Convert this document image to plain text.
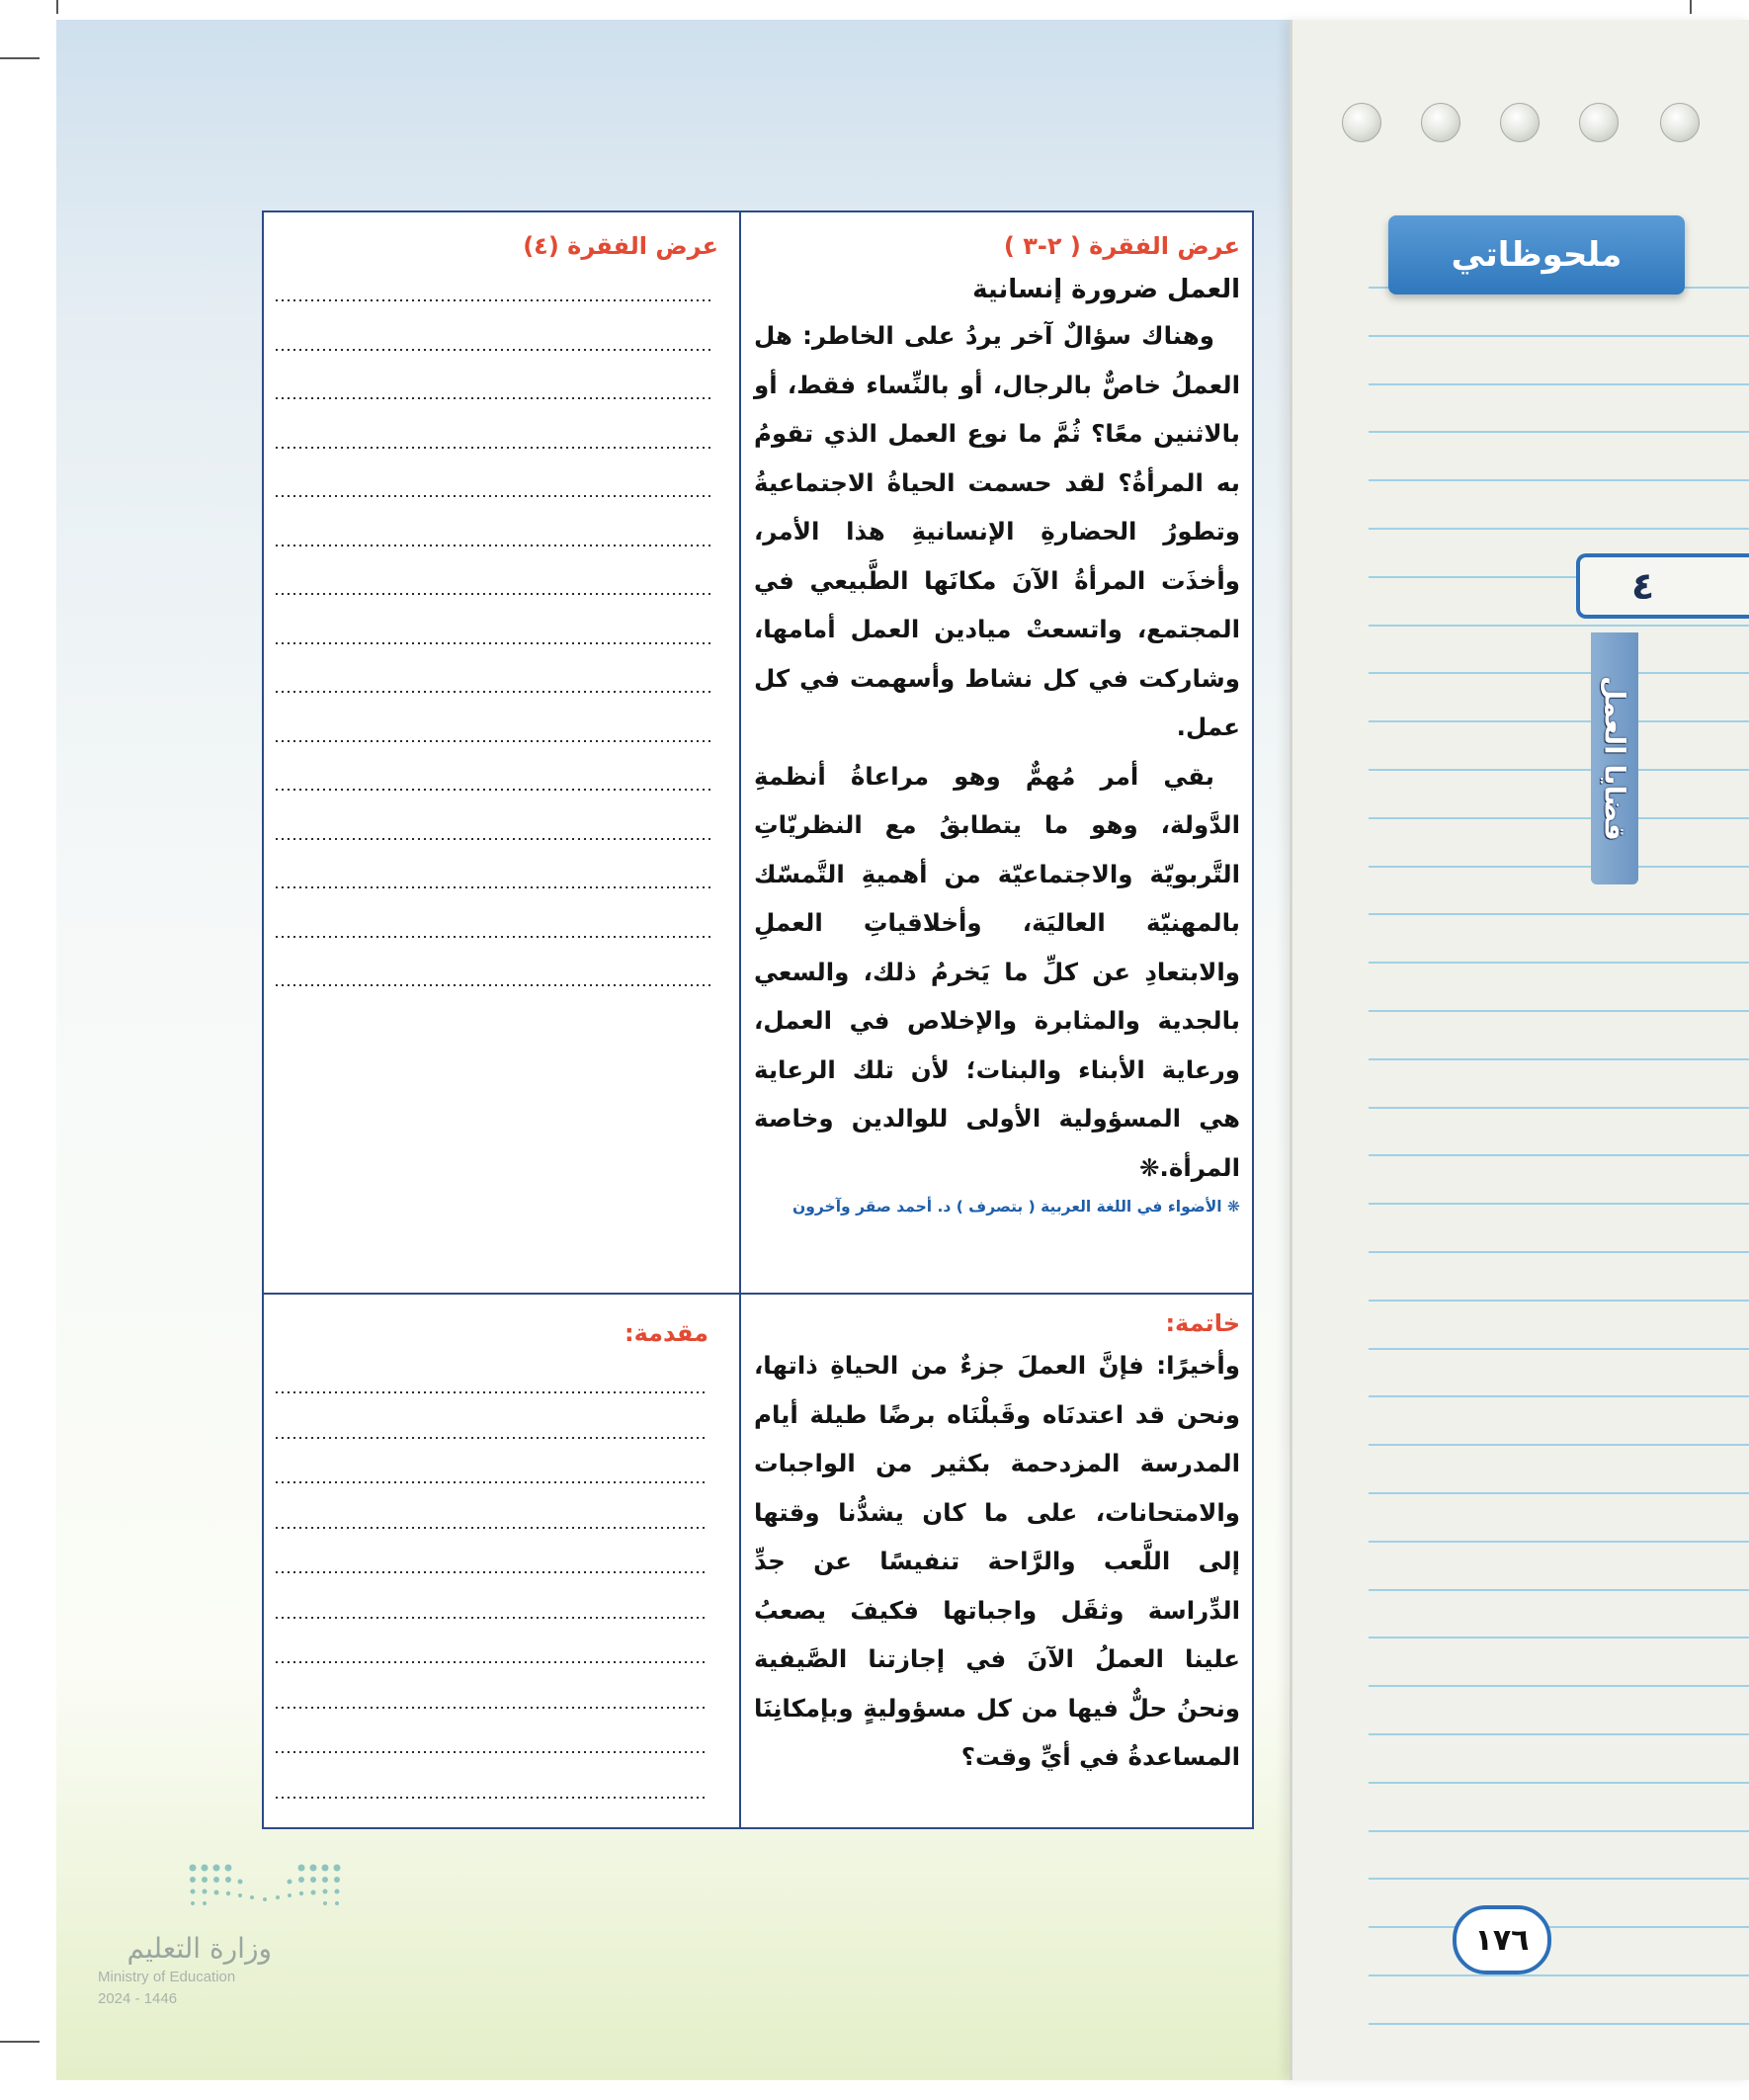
ملحوظاتي
٤
قضايا العمل
١٧٦
عرض الفقرة ( ٢-٣ )
العمل ضرورة إنسانية

وهناك سؤالٌ آخر يردُ على الخاطر: هل العملُ خاصٌّ بالرجال، أو بالنِّساء فقط، أو بالاثنين معًا؟ ثُمَّ ما نوع العمل الذي تقومُ به المرأةُ؟ لقد حسمت الحياةُ الاجتماعيةُ وتطورُ الحضارةِ الإنسانيةِ هذا الأمر، وأخذَت المرأةُ الآنَ مكانَها الطَّبيعي في المجتمع، واتسعتْ ميادين العمل أمامها، وشاركت في كل نشاط وأسهمت في كل عمل.

بقي أمر مُهمٌّ وهو مراعاةُ أنظمةِ الدَّولة، وهو ما يتطابقُ مع النظريّاتِ التَّربويّة والاجتماعيّة من أهميةِ التَّمسّك بالمهنيّة العاليَة، وأخلاقياتِ العملِ والابتعادِ عن كلِّ ما يَخرمُ ذلك، والسعي بالجدية والمثابرة والإخلاص في العمل، ورعاية الأبناء والبنات؛ لأن تلك الرعاية هي المسؤولية الأولى للوالدين وخاصة المرأة.❋

❋ الأضواء في اللغة العربية ( بتصرف ) د. أحمد صقر وآخرون
عرض الفقرة (٤)
خاتمة:

وأخيرًا: فإنَّ العملَ جزءٌ من الحياةِ ذاتها، ونحن قد اعتدنَاه وقَبلْنَاه برضًا طيلة أيام المدرسة المزدحمة بكثير من الواجبات والامتحانات، على ما كان يشدُّنا وقتها إلى اللَّعب والرَّاحة تنفيسًا عن جدِّ الدِّراسة وثقَل واجباتها فكيفَ يصعبُ علينا العملُ الآنَ في إجازتنا الصَّيفية ونحنُ حلٌّ فيها من كل مسؤوليةٍ وبإمكانِنَا المساعدةُ في أيِّ وقت؟

مقدمة:
وزارة التعليم
Ministry of Education
2024 - 1446
